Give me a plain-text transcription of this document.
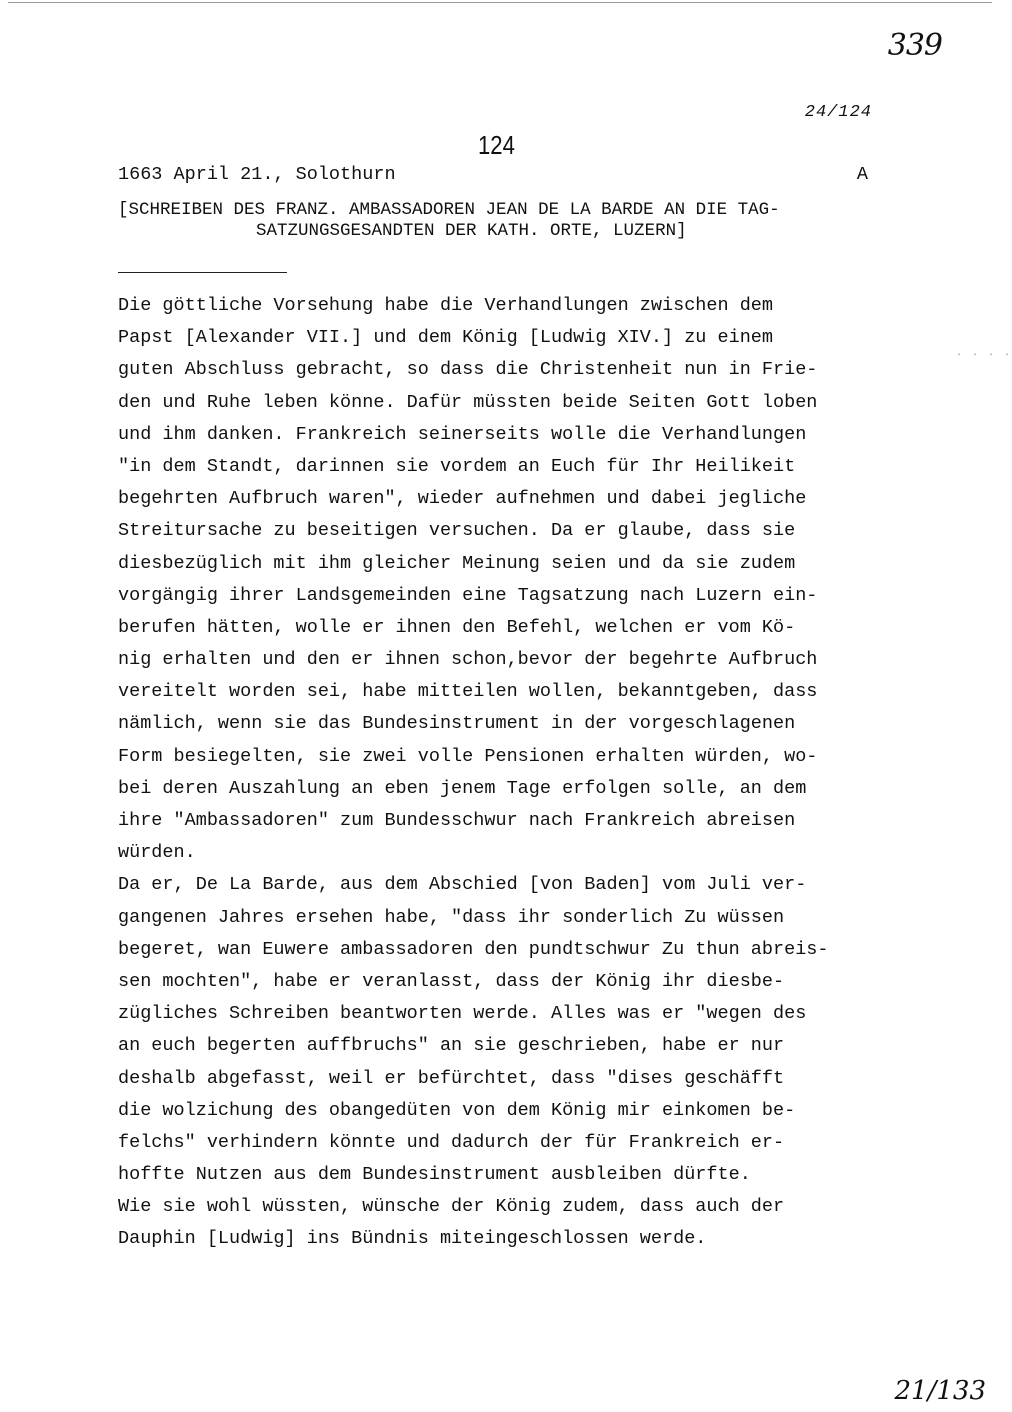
339
24/124
124
1663 April 21., Solothurn	A
[SCHREIBEN DES FRANZ. AMBASSADOREN JEAN DE LA BARDE AN DIE TAG-
SATZUNGSGESANDTEN DER KATH. ORTE, LUZERN]
Die göttliche Vorsehung habe die Verhandlungen zwischen dem
Papst [Alexander VII.] und dem König [Ludwig XIV.] zu einem
guten Abschluss gebracht, so dass die Christenheit nun in Frie-
den und Ruhe leben könne. Dafür müssten beide Seiten Gott loben
und ihm danken. Frankreich seinerseits wolle die Verhandlungen
"in dem Standt, darinnen sie vordem an Euch für Ihr Heilikeit
begehrten Aufbruch waren", wieder aufnehmen und dabei jegliche
Streitursache zu beseitigen versuchen. Da er glaube, dass sie
diesbezüglich mit ihm gleicher Meinung seien und da sie zudem
vorgängig ihrer Landsgemeinden eine Tagsatzung nach Luzern ein-
berufen hätten, wolle er ihnen den Befehl, welchen er vom Kö-
nig erhalten und den er ihnen schon,bevor der begehrte Aufbruch
vereitelt worden sei, habe mitteilen wollen, bekanntgeben, dass
nämlich, wenn sie das Bundesinstrument in der vorgeschlagenen
Form besiegelten, sie zwei volle Pensionen erhalten würden, wo-
bei deren Auszahlung an eben jenem Tage erfolgen solle, an dem
ihre "Ambassadoren" zum Bundesschwur nach Frankreich abreisen
würden.
Da er, De La Barde, aus dem Abschied [von Baden] vom Juli ver-
gangenen Jahres ersehen habe, "dass ihr sonderlich Zu wüssen
begeret, wan Euwere ambassadoren den pundtschwur Zu thun abreis-
sen mochten", habe er veranlasst, dass der König ihr diesbe-
zügliches Schreiben beantworten werde. Alles was er "wegen des
an euch begerten auffbruchs" an sie geschrieben, habe er nur
deshalb abgefasst, weil er befürchtet, dass "dises geschäfft
die wolzichung des obangedüten von dem König mir einkomen be-
felchs" verhindern könnte und dadurch der für Frankreich er-
hoffte Nutzen aus dem Bundesinstrument ausbleiben dürfte.
Wie sie wohl wüssten, wünsche der König zudem, dass auch der
Dauphin [Ludwig] ins Bündnis miteingeschlossen werde.
· · · ·
21/133
